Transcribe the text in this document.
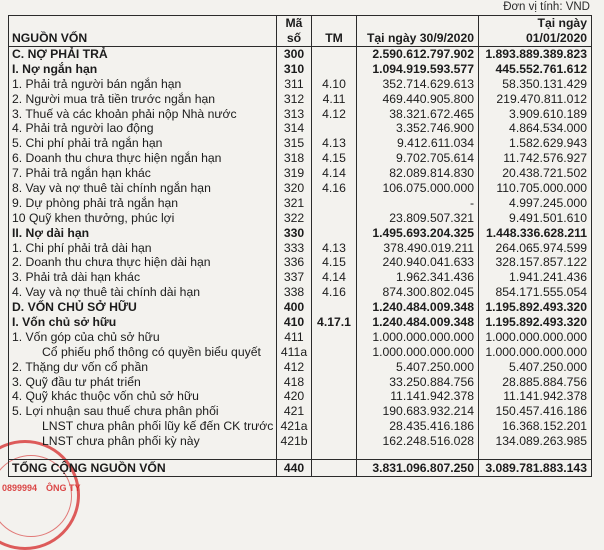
Đơn vị tính: VND
Mã	Tại ngày
NGUỒN VỐN	số	TM	Tại ngày 30/9/2020	01/01/2020
C. NỢ PHẢI TRẢ	300	2.590.612.797.902 1.893.889.389.823
I. Nợ ngắn hạn	310	1.094.919.593.577	445.552.761.612
1. Phải trả người bán ngắn hạn	311	4.10	352.714.629.613	58.350.131.429
2. Người mua trả tiền trước ngắn hạn	312	4.11	469.440.905.800	219.470.811.012
3. Thuế và các khoản phải nộp Nhà nước	313	4.12	38.321.672.465	3.909.610.189
4. Phải trả người lao động	314	3.352.746.900	4.864.534.000
5. Chi phí phải trả ngắn hạn	315	4.13	9.412.611.034	1.582.629.943
6. Doanh thu chưa thực hiện ngắn hạn	318	4.15	9.702.705.614	11.742.576.927
7. Phải trả ngắn hạn khác	319	4.14	82.089.814.830	20.438.721.502
8. Vay và nợ thuê tài chính ngắn hạn	320	4.16	106.075.000.000	110.705.000.000
9. Dự phòng phải trả ngắn hạn	321	-	4.997.245.000
10 Quỹ khen thưởng, phúc lợi	322	23.809.507.321	9.491.501.610
II. Nợ dài hạn	330	1.495.693.204.325 1.448.336.628.211
1. Chi phí phải trả dài hạn	333	4.13	378.490.019.211	264.065.974.599
2. Doanh thu chưa thực hiện dài hạn	336	4.15	240.940.041.633	328.157.857.122
3. Phải trả dài hạn khác	337	4.14	1.962.341.436	1.941.241.436
4. Vay và nợ thuê tài chính dài hạn	338	4.16	874.300.802.045	854.171.555.054
D. VỐN CHỦ SỞ HỮU	400	1.240.484.009.348 1.195.892.493.320
I. Vốn chủ sở hữu	410	4.17.1	1.240.484.009.348 1.195.892.493.320
1. Vốn góp của chủ sở hữu	411	1.000.000.000.000 1.000.000.000.000
Cổ phiếu phổ thông có quyền biểu quyết	411a	1.000.000.000.000 1.000.000.000.000
2. Thặng dư vốn cổ phần	412	5.407.250.000	5.407.250.000
3. Quỹ đầu tư phát triển	418	33.250.884.756	28.885.884.756
4. Quỹ khác thuộc vốn chủ sở hữu	420	11.141.942.378	11.141.942.378
5. Lợi nhuận sau thuế chưa phân phối	421	190.683.932.214	150.457.416.186
LNST chưa phân phối lũy kế đến CK trước 421a	28.435.416.186	16.368.152.201
LNST chưa phân phối kỳ này	421b	162.248.516.028	134.089.263.985
TỔNG CỘNG NGUỒN VỐN	440	3.831.096.807.250 3.089.781.883.143
0899994 ÔNG TY
